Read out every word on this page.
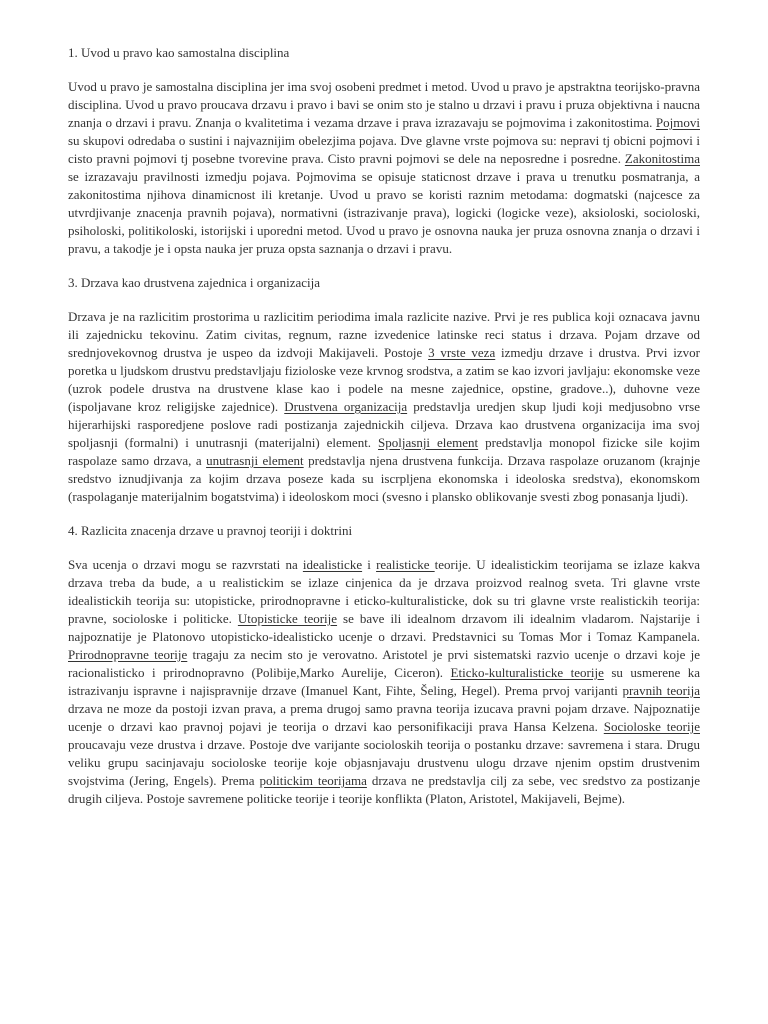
1. Uvod u pravo kao samostalna disciplina

Uvod u pravo je samostalna disciplina jer ima svoj osobeni predmet i metod. Uvod u pravo je apstraktna teorijsko-pravna disciplina. Uvod u pravo proucava drzavu i pravo i bavi se onim sto je stalno u drzavi i pravu i pruza objektivna i naucna znanja o drzavi i pravu. Znanja o kvalitetima i vezama drzave i prava izrazavaju se pojmovima i zakonitostima. Pojmovi su skupovi odredaba o sustini i najvaznijim obelezjima pojava. Dve glavne vrste pojmova su: nepravi tj obicni pojmovi i cisto pravni pojmovi tj posebne tvorevine prava. Cisto pravni pojmovi se dele na neposredne i posredne. Zakonitostima se izrazavaju pravilnosti izmedju pojava. Pojmovima se opisuje staticnost drzave i prava u trenutku posmatranja, a zakonitostima njihova dinamicnost ili kretanje. Uvod u pravo se koristi raznim metodama: dogmatski (najcesce za utvrdjivanje znacenja pravnih pojava), normativni (istrazivanje prava), logicki (logicke veze), aksioloski, socioloski, psiholoski, politikoloski, istorijski i uporedni metod. Uvod u pravo je osnovna nauka jer pruza osnovna znanja o drzavi i pravu, a takodje je i opsta nauka jer pruza opsta saznanja o drzavi i pravu.

3. Drzava kao drustvena zajednica i organizacija

Drzava je na razlicitim prostorima u razlicitim periodima imala razlicite nazive. Prvi je res publica koji oznacava javnu ili zajednicku tekovinu. Zatim civitas, regnum, razne izvedenice latinske reci status i drzava. Pojam drzave od srednjovekovnog drustva je uspeo da izdvoji Makijaveli. Postoje 3 vrste veza izmedju drzave i drustva. Prvi izvor poretka u ljudskom drustvu predstavljaju fizioloske veze krvnog srodstva, a zatim se kao izvori javljaju: ekonomske veze (uzrok podele drustva na drustvene klase kao i podele na mesne zajednice, opstine, gradove..), duhovne veze (ispoljavane kroz religijske zajednice). Drustvena organizacija predstavlja uredjen skup ljudi koji medjusobno vrse hijerarhijski rasporedjene poslove radi postizanja zajednickih ciljeva. Drzava kao drustvena organizacija ima svoj spoljasnji (formalni) i unutrasnji (materijalni) element. Spoljasnji element predstavlja monopol fizicke sile kojim raspolaze samo drzava, a unutrasnji element predstavlja njena drustvena funkcija. Drzava raspolaze oruzanom (krajnje sredstvo iznudjivanja za kojim drzava poseze kada su iscrpljena ekonomska i ideoloska sredstva), ekonomskom (raspolaganje materijalnim bogatstvima) i ideoloskom moci (svesno i plansko oblikovanje svesti zbog ponasanja ljudi).

4. Razlicita znacenja drzave u pravnoj teoriji i doktrini

Sva ucenja o drzavi mogu se razvrstati na idealisticke i realisticke teorije. U idealistickim teorijama se izlaze kakva drzava treba da bude, a u realistickim se izlaze cinjenica da je drzava proizvod realnog sveta. Tri glavne vrste idealistickih teorija su: utopisticke, prirodnopravne i eticko-kulturalisticke, dok su tri glavne vrste realistickih teorija: pravne, socioloske i politicke. Utopisticke teorije se bave ili idealnom drzavom ili idealnim vladarom. Najstarije i najpoznatije je Platonovo utopisticko-idealisticko ucenje o drzavi. Predstavnici su Tomas Mor i Tomaz Kampanela. Prirodnopravne teorije tragaju za necim sto je verovatno. Aristotel je prvi sistematski razvio ucenje o drzavi koje je racionalisticko i prirodnopravno (Polibije,Marko Aurelije, Ciceron). Eticko-kulturalisticke teorije su usmerene ka istrazivanju ispravne i najispravnije drzave (Imanuel Kant, Fihte, Šeling, Hegel). Prema prvoj varijanti pravnih teorija drzava ne moze da postoji izvan prava, a prema drugoj samo pravna teorija izucava pravni pojam drzave. Najpoznatije ucenje o drzavi kao pravnoj pojavi je teorija o drzavi kao personifikaciji prava Hansa Kelzena. Socioloske teorije proucavaju veze drustva i drzave. Postoje dve varijante socioloskih teorija o postanku drzave: savremena i stara. Drugu veliku grupu sacinjavaju socioloske teorije koje objasnjavaju drustvenu ulogu drzave njenim opstim drustvenim svojstvima (Jering, Engels). Prema politickim teorijama drzava ne predstavlja cilj za sebe, vec sredstvo za postizanje drugih ciljeva. Postoje savremene politicke teorije i teorije konflikta (Platon, Aristotel, Makijaveli, Bejme).
